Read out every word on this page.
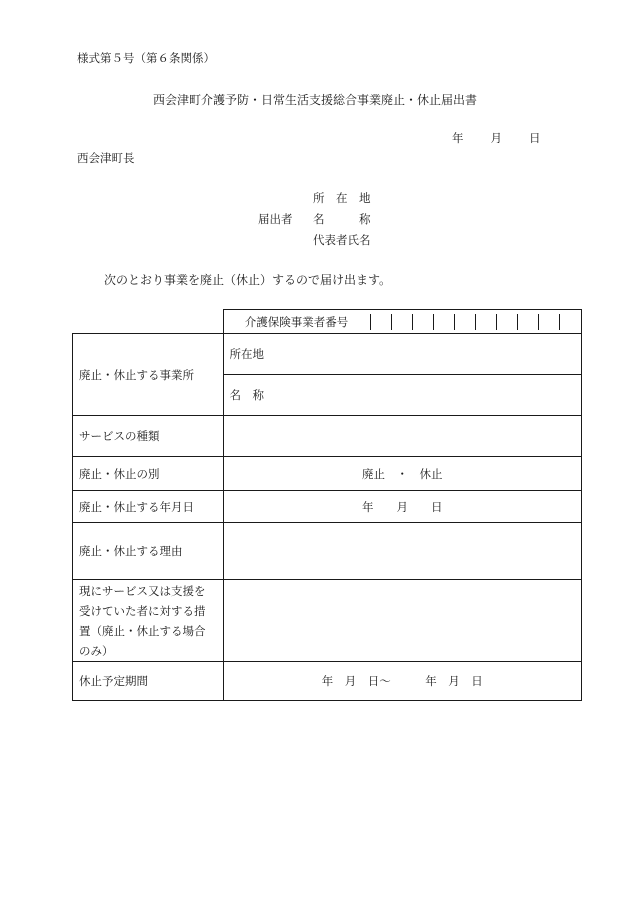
様式第５号（第６条関係）
西会津町介護予防・日常生活支援総合事業廃止・休止届出書
年 月 日
西会津町長
届出者
所　在　地
名　　　称
代表者氏名
次のとおり事業を廃止（休止）するので届け出ます。

介護保険事業者番号										

廃止・休止する事業所	所在地
名　称
サービスの種類	
廃止・休止の別	廃止　・　休止
廃止・休止する年月日	年　　月　　日
廃止・休止する理由	
現にサービス又は支援を受けていた者に対する措置（廃止・休止する場合のみ）	
休止予定期間	年　月　日～　　　年　月　日
